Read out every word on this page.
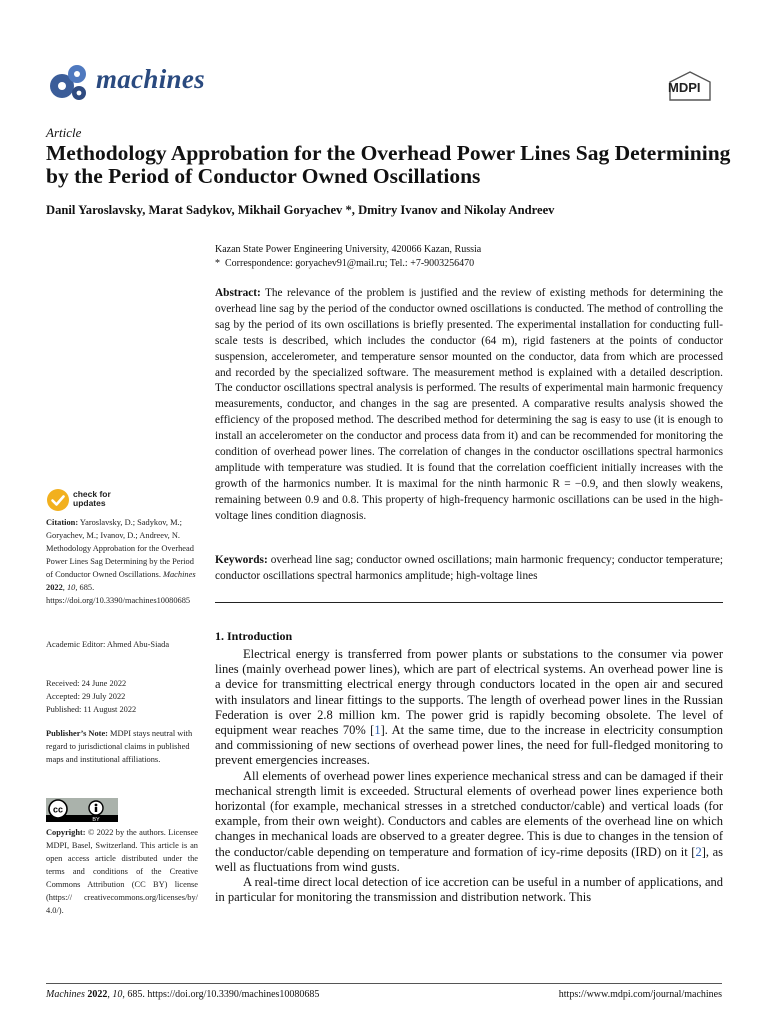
machines	MDPI
Article
Methodology Approbation for the Overhead Power Lines Sag Determining by the Period of Conductor Owned Oscillations
Danil Yaroslavsky, Marat Sadykov, Mikhail Goryachev *, Dmitry Ivanov and Nikolay Andreev
Kazan State Power Engineering University, 420066 Kazan, Russia
* Correspondence: goryachev91@mail.ru; Tel.: +7-9003256470
Abstract: The relevance of the problem is justified and the review of existing methods for determining the overhead line sag by the period of the conductor owned oscillations is conducted. The method of controlling the sag by the period of its own oscillations is briefly presented. The experimental installation for conducting full-scale tests is described, which includes the conductor (64 m), rigid fasteners at the points of conductor suspension, accelerometer, and temperature sensor mounted on the conductor, data from which are processed and recorded by the specialized software. The measurement method is explained with a detailed description. The conductor oscillations spectral analysis is performed. The results of experimental main harmonic frequency measurements, conductor, and changes in the sag are presented. A comparative results analysis showed the efficiency of the proposed method. The described method for determining the sag is easy to use (it is enough to install an accelerometer on the conductor and process data from it) and can be recommended for monitoring the condition of overhead power lines. The correlation of changes in the conductor oscillations spectral harmonics amplitude with temperature was studied. It is found that the correlation coefficient initially increases with the growth of the harmonics number. It is maximal for the ninth harmonic R = −0.9, and then slowly weakens, remaining between 0.9 and 0.8. This property of high-frequency harmonic oscillations can be used in the high-voltage lines condition diagnosis.
Keywords: overhead line sag; conductor owned oscillations; main harmonic frequency; conductor temperature; conductor oscillations spectral harmonics amplitude; high-voltage lines
1. Introduction

Electrical energy is transferred from power plants or substations to the consumer via power lines (mainly overhead power lines), which are part of electrical systems. An overhead power line is a device for transmitting electrical energy through conductors located in the open air and secured with insulators and linear fittings to the supports. The length of overhead power lines in the Russian Federation is over 2.8 million km. The power grid is rapidly becoming obsolete. The level of equipment wear reaches 70% [1]. At the same time, due to the increase in electricity consumption and commissioning of new sections of overhead power lines, the need for full-fledged monitoring to prevent emergencies increases.

All elements of overhead power lines experience mechanical stress and can be damaged if their mechanical strength limit is exceeded. Structural elements of overhead power lines experience both horizontal (for example, mechanical stresses in a stretched conductor/cable) and vertical loads (for example, from their own weight). Conductors and cables are elements of the overhead line on which changes in mechanical loads are observed to a greater degree. This is due to changes in the tension of the conductor/cable depending on temperature and formation of icy-rime deposits (IRD) on it [2], as well as fluctuations from wind gusts.

A real-time direct local detection of ice accretion can be useful in a number of applications, and in particular for monitoring the transmission and distribution network. This

check for
updates
Citation: Yaroslavsky, D.; Sadykov, M.; Goryachev, M.; Ivanov, D.; Andreev, N. Methodology Approbation for the Overhead Power Lines Sag Determining by the Period of Conductor Owned Oscillations. Machines 2022, 10, 685. https://doi.org/10.3390/machines10080685
Academic Editor: Ahmed Abu-Siada

Received: 24 June 2022

Accepted: 29 July 2022

Published: 11 August 2022

Publisher’s Note: MDPI stays neutral with regard to jurisdictional claims in published maps and institutional affiliations.
cc
BY
Copyright: © 2022 by the authors. Licensee MDPI, Basel, Switzerland. This article is an open access article distributed under the terms and conditions of the Creative Commons Attribution (CC BY) license (https:// creativecommons.org/licenses/by/ 4.0/).
Machines 2022, 10, 685. https://doi.org/10.3390/machines10080685	https://www.mdpi.com/journal/machines
